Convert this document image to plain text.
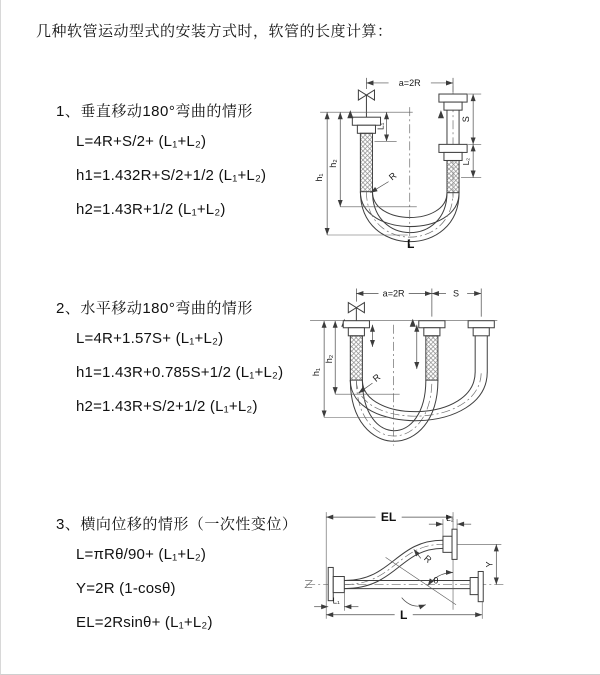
几种软管运动型式的安装方式时，软管的长度计算：
1、垂直移动180°弯曲的情形
L=4R+S/2+ (L₁+L₂)
h1=1.432R+S/2+1/2 (L₁+L₂)
h2=1.43R+1/2 (L₁+L₂)
2、水平移动180°弯曲的情形
L=4R+1.57S+ (L₁+L₂)
h1=1.43R+0.785S+1/2 (L₁+L₂)
h2=1.43R+S/2+1/2 (L₁+L₂)
3、横向位移的情形（一次性变位）
L=πRθ/90+ (L₁+L₂)
Y=2R (1-cosθ)
EL=2Rsinθ+ (L₁+L₂)
a=2R
h₁
h₂
L₁
S
L₂
R
L
a=2R	S
h₁
h₂
R
EL	L₂
Y
L
L₁
R
θ
